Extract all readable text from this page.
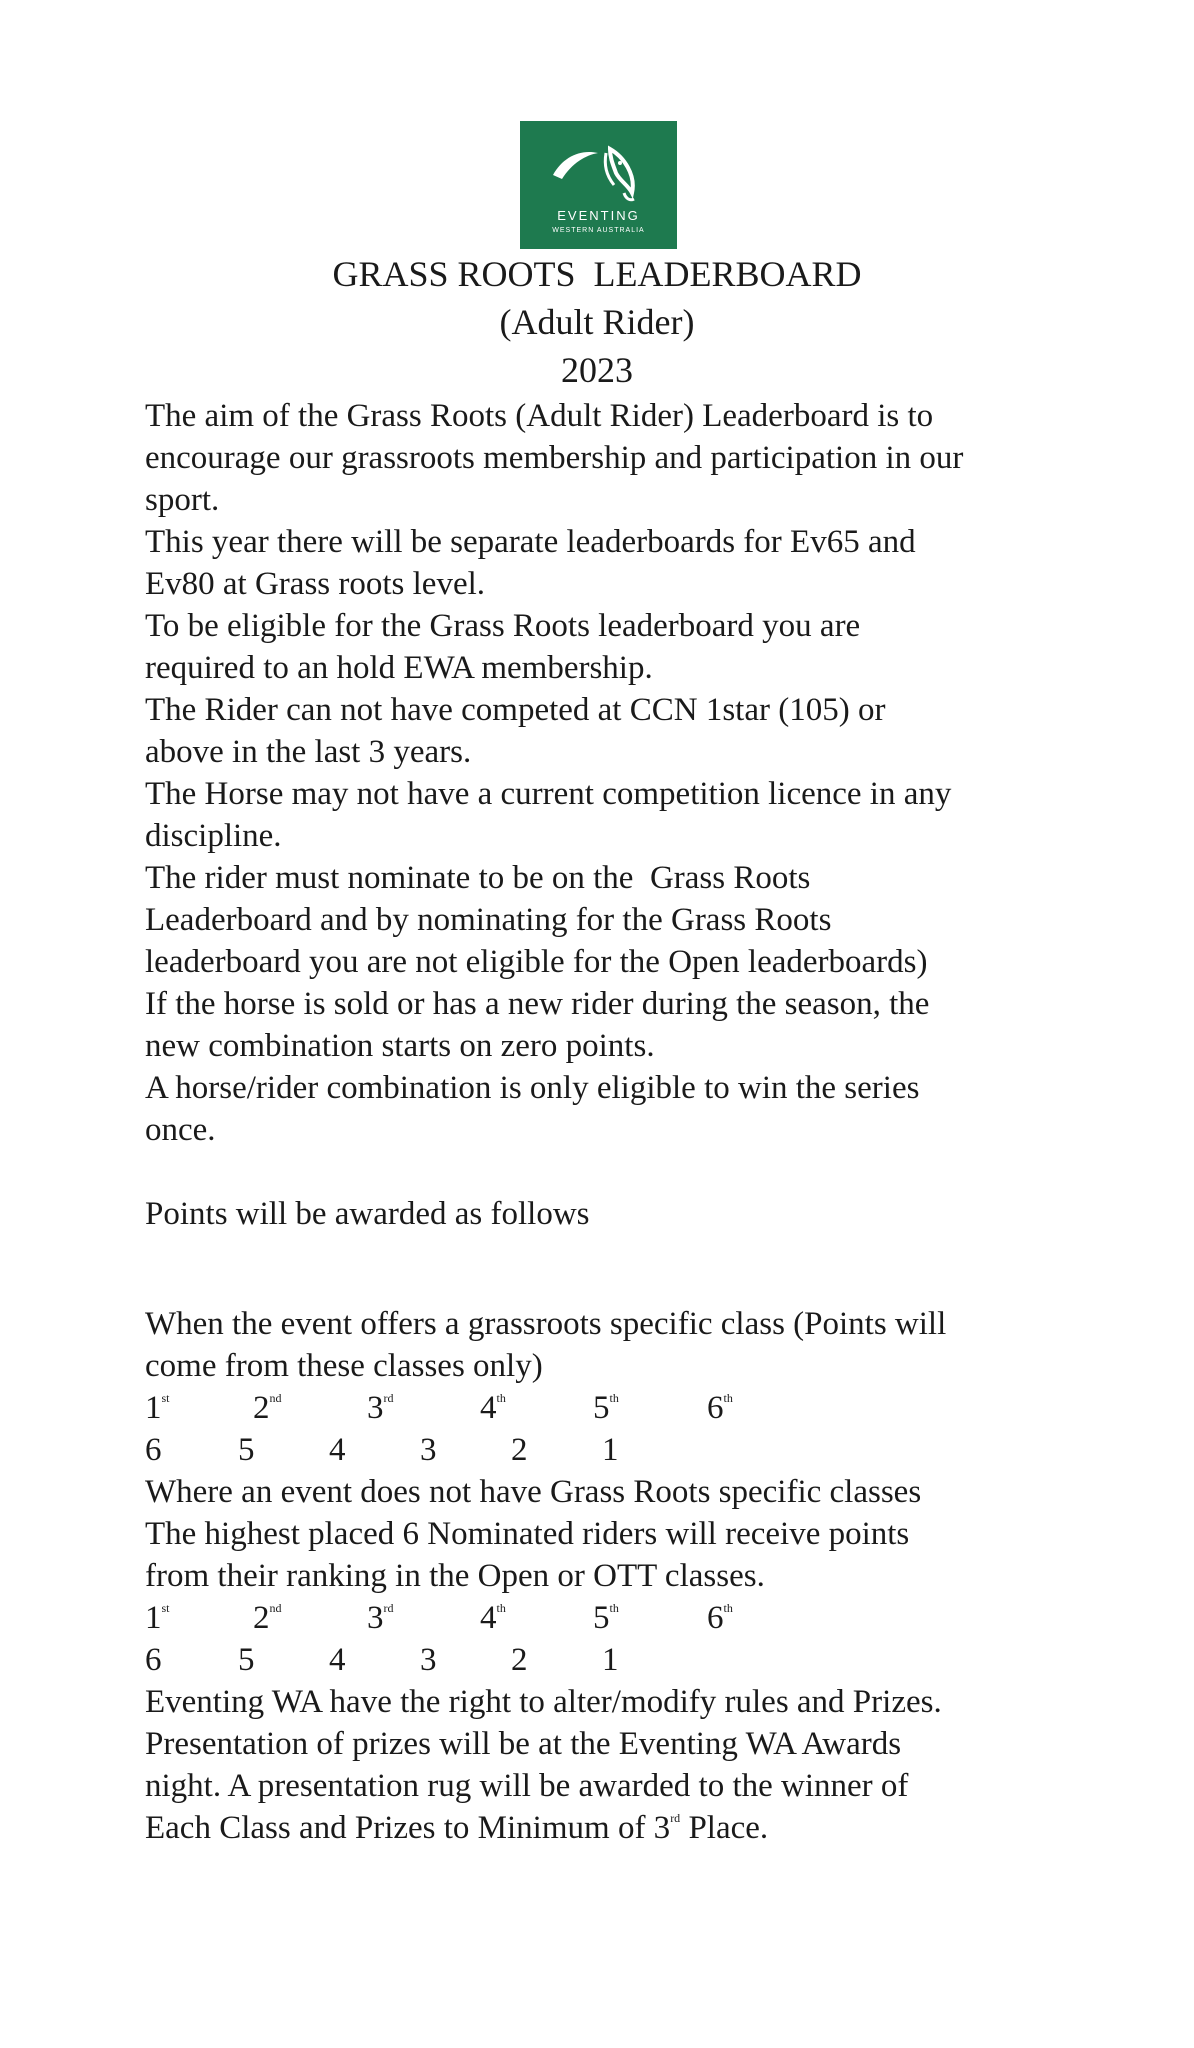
EVENTING
WESTERN AUSTRALIA
GRASS ROOTS  LEADERBOARD
(Adult Rider)
2023
The aim of the Grass Roots (Adult Rider) Leaderboard is to
encourage our grassroots membership and participation in our
sport.
This year there will be separate leaderboards for Ev65 and
Ev80 at Grass roots level.
To be eligible for the Grass Roots leaderboard you are
required to an hold EWA membership.
The Rider can not have competed at CCN 1star (105) or
above in the last 3 years.
The Horse may not have a current competition licence in any
discipline.
The rider must nominate to be on the  Grass Roots
Leaderboard and by nominating for the Grass Roots
leaderboard you are not eligible for the Open leaderboards)
If the horse is sold or has a new rider during the season, the
new combination starts on zero points.
A horse/rider combination is only eligible to win the series
once.
Points will be awarded as follows
When the event offers a grassroots specific class (Points will
come from these classes only)
1st	2nd	3rd	4th	5th	6th
6 5 4 3 2 1
Where an event does not have Grass Roots specific classes
The highest placed 6 Nominated riders will receive points
from their ranking in the Open or OTT classes.
1st	2nd	3rd	4th	5th	6th
6 5 4 3 2 1
Eventing WA have the right to alter/modify rules and Prizes.
Presentation of prizes will be at the Eventing WA Awards
night. A presentation rug will be awarded to the winner of
Each Class and Prizes to Minimum of 3rd Place.
